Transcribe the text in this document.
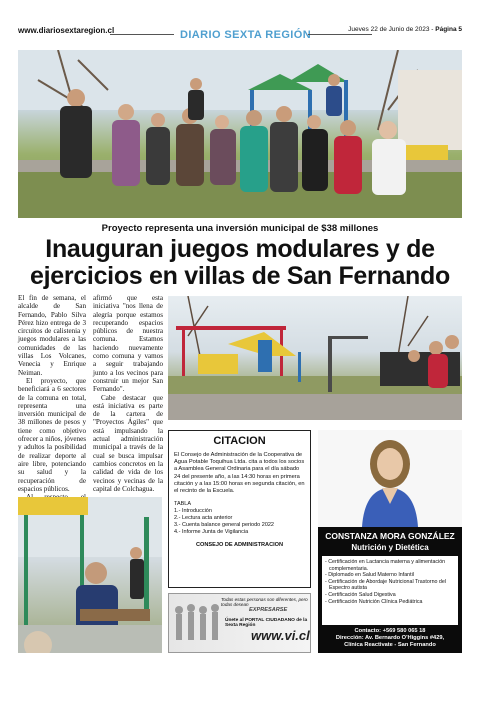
www.diariosextaregion.cl	DIARIO SEXTA REGIÓN	Jueves 22 de Junio de 2023 - Página 5
Proyecto representa una inversión municipal de $38 millones
Inauguran juegos modulares y de ejercicios en villas de San Fernando

El fin de semana, el alcalde de San Fernando, Pablo Silva Pérez hizo entrega de 3 circuitos de calistenia y juegos modulares a las comunidades de las villas Los Volcanes, Venecia y Enrique Neiman.

El proyecto, que beneficiará a 6 sectores de la comuna en total, representa una inversión municipal de 38 millones de pesos y tiene como objetivo ofrecer a niños, jóvenes y adultos la posibilidad de realizar deporte al aire libre, potenciando su salud y la recuperación de espacios públicos.

afirmó que esta iniciativa "nos llena de alegría porque estamos recuperando espacios públicos de nuestra comuna. Estamos haciendo nuevamente como comuna y vamos a seguir trabajando junto a los vecinos para construir un mejor San Fernando".

Cabe destacar que está iniciativa es parte de la cartera de "Proyectos Ágiles" que está impulsando la actual administración municipal a través de la cual se busca impulsar cambios concretos en la calidad de vida de los vecinos y vecinas de la capital de Colchagua.

CITACION
El Consejo de Administración de la Cooperativa de Agua Potable Toquihua Ltda. cita a todos los socios a Asamblea General Ordinaria para el día sábado 24 del presente año, a las 14:30 horas en primera citación y a las 15:00 horas en segunda citación, en el recinto de la Escuela.
TABLA
1.- Introducción
2.- Lectura acta anterior
3.- Cuenta balance general periodo 2022
4.- Informe Junta de Vigilancia
CONSEJO DE ADMINISTRACION
Todas estas personas son diferentes, pero todas desean
EXPRESARSE
Únete al PORTAL CIUDADANO de la Sexta Región
www.vi.cl
CONSTANZA MORA GONZÁLEZ
Nutrición y Dietética
- Certificación en Lactancia materna y alimentación complementaria.
- Diplomado en Salud Materno Infantil
- Certificación de Abordaje Nutricional Trastorno del Espectro autista
- Certificación Salud Digestiva
- Certificación Nutrición Clínica Pediátrica
Contacto: +569 580 065 18
Dirección: Av. Bernardo O'Higgins #429,
Clínica Reactivate - San Fernando
